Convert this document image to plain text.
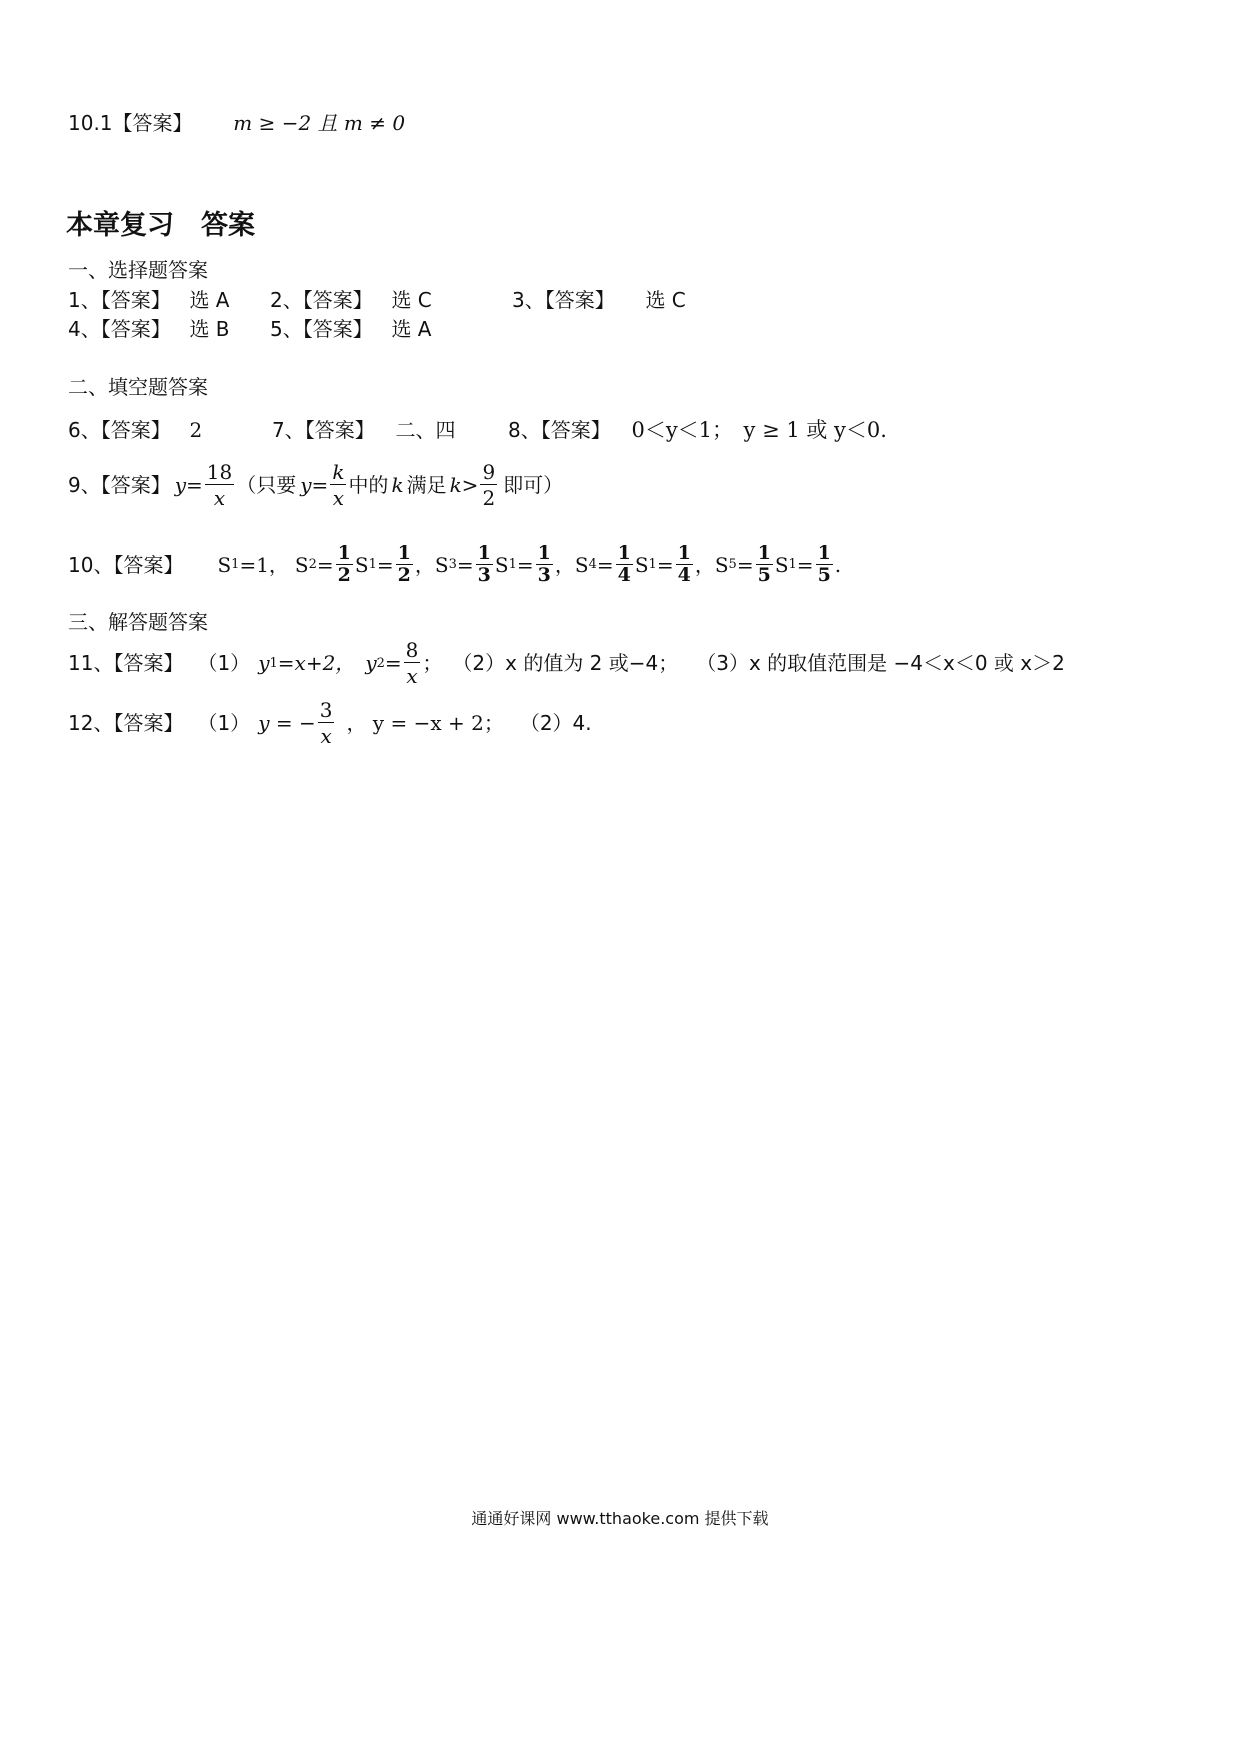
10.1【答案】 m ≥ −2 且 m ≠ 0
本章复习　答案
一、选择题答案
1、【答案】 选 A 2、【答案】 选 C	3、【答案】 选 C
4、【答案】 选 B 5、【答案】 选 A
二、填空题答案
6、【答案】 2	7、【答案】 二、四	8、【答案】 0＜y＜1；　y ≥ 1 或 y＜0.
9、【答案】 $y= \frac{18}{x}$ （只要 $y= \frac{k}{x}$ 中的 k 满足 $k> \frac{9}{2}$ 即可）
10、【答案】 S 1 =1， S $2 = \frac{1}{2}$ S $1 = \frac{1}{2}$ ， S $3 = \frac{1}{3}$ S $1 = \frac{1}{3}$ ， S $4 = \frac{1}{4}$ S $1 = \frac{1}{4}$ ， S $5 = \frac{1}{5}$ S $1 = \frac{1}{5}$ .
三、解答题答案
11、【答案】 （1） y 1 =x+2， y $2 = \frac{8}{x}$ ； （2）x 的值为 2 或−4； （3）x 的取值范围是 −4＜x＜0 或 x＞2
12、【答案】 （1） y = − $\frac{3}{x}$ ， y = −x + 2； （2）4.
通通好课网 www.tthaoke.com 提供下载
